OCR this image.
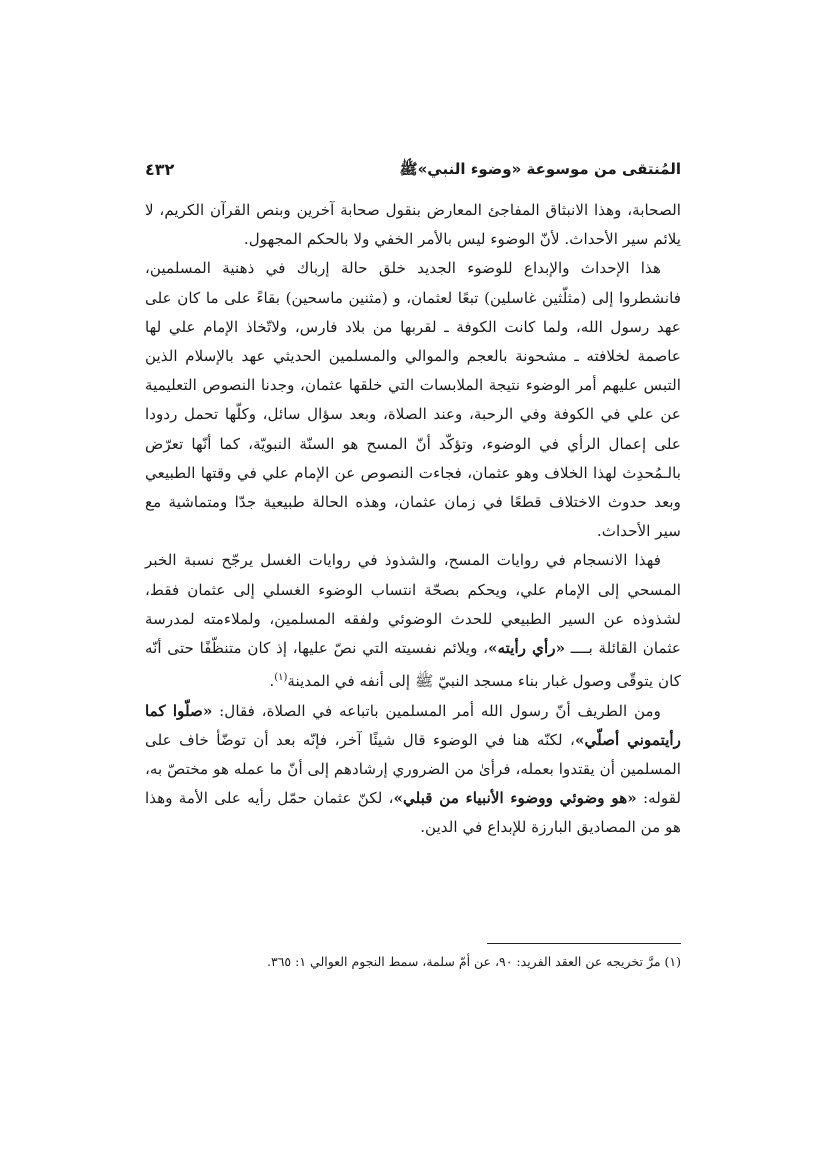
المُنتقى من موسوعة «وضوء النبي»ﷺ
٤٣٢

الصحابة، وهذا الانبثاق المفاجئ المعارض بنقول صحابة آخرين وبنص القرآن الكريم، لا يلائم سير الأحداث. لأنّ الوضوء ليس بالأمر الخفي ولا بالحكم المجهول.

هذا الإحداث والإبداع للوضوء الجديد خلق حالة إرباك في ذهنية المسلمين، فانشطروا إلى (مثلّثين غاسلين) تبعًا لعثمان، و (مثنين ماسحين) بقاءً على ما كان على عهد رسول الله، ولما كانت الكوفة ـ لقربها من بلاد فارس، ولاتّخاذ الإمام علي لها عاصمة لخلافته ـ مشحونة بالعجم والموالي والمسلمين الحديثي عهد بالإسلام الذين التبس عليهم أمر الوضوء نتيجة الملابسات التي خلقها عثمان، وجدنا النصوص التعليمية عن علي في الكوفة وفي الرحبة، وعند الصلاة، وبعد سؤال سائل، وكلّها تحمل ردودا على إعمال الرأي في الوضوء، وتؤكّد أنّ المسح هو السنّة النبويّة، كما أنّها تعرّض بالـمُحدِث لهذا الخلاف وهو عثمان، فجاءت النصوص عن الإمام علي في وقتها الطبيعي وبعد حدوث الاختلاف قطعًا في زمان عثمان، وهذه الحالة طبيعية جدّا ومتماشية مع سير الأحداث.

فهذا الانسجام في روايات المسح، والشذوذ في روايات الغسل يرجّح نسبة الخبر المسحي إلى الإمام علي، ويحكم بصحّة انتساب الوضوء الغسلي إلى عثمان فقط، لشذوذه عن السير الطبيعي للحدث الوضوئي ولفقه المسلمين، ولملاءمته لمدرسة عثمان القائلة بــــ «رأي رأيته»، ويلائم نفسيته التي نصّ عليها، إذ كان متنظّفًا حتى أنّه كان يتوقّى وصول غبار بناء مسجد النبيّ ﷺ إلى أنفه في المدينة$^{(١)}$.

ومن الطريف أنّ رسول الله أمر المسلمين باتباعه في الصلاة، فقال: «صلّوا كما رأيتموني أصلّي»، لكنّه هنا في الوضوء قال شيئًا آخر، فإنّه بعد أن توضّأ خاف على المسلمين أن يقتدوا بعمله، فرأىٰ من الضروري إرشادهم إلى أنّ ما عمله هو مختصّ به، لقوله: «هو وضوئي ووضوء الأنبياء من قبلي»، لكنّ عثمان حمّل رأيه على الأمة وهذا هو من المصاديق البارزة للإبداع في الدين.

(١) مرَّ تخريجه عن العقد الفريد: ٩٠، عن أمّ سلمة، سمط النجوم العوالي ١: ٣٦٥.
